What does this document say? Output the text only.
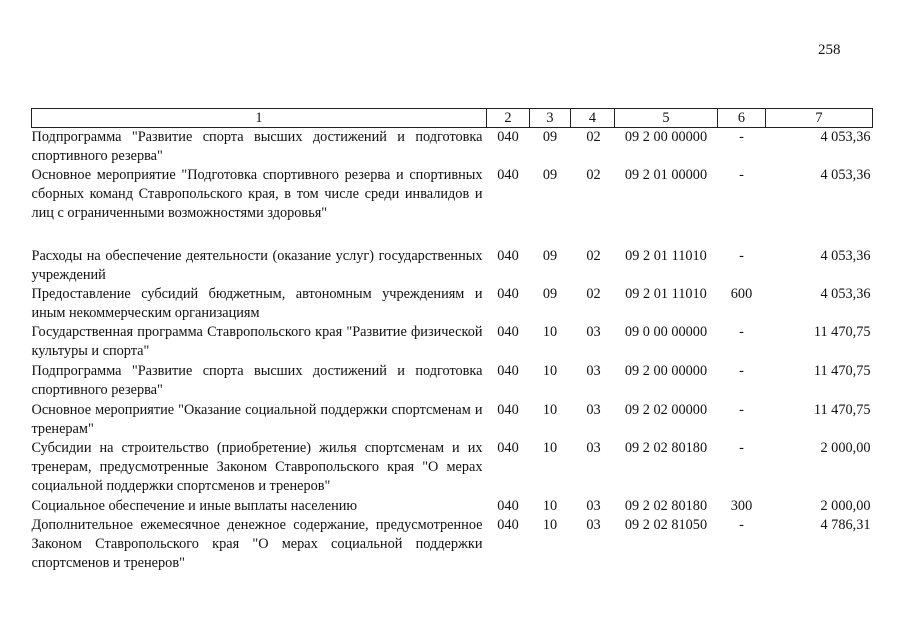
258
1	2	3	4	5	6	7
Подпрограмма "Развитие спорта высших достижений и подготовка спортивного резерва"	040	09	02	09 2 00 00000	-	4 053,36
Основное мероприятие "Подготовка спортивного резерва и спортивных сборных команд Ставропольского края, в том числе среди инвалидов и лиц с ограниченными возможностями здоровья"	040	09	02	09 2 01 00000	-	4 053,36
Расходы на обеспечение деятельности (оказание услуг) государственных учреждений	040	09	02	09 2 01 11010	-	4 053,36
Предоставление субсидий бюджетным, автономным учреждениям и иным некоммерческим организациям	040	09	02	09 2 01 11010	600	4 053,36
Государственная программа Ставропольского края "Развитие физической культуры и спорта"	040	10	03	09 0 00 00000	-	11 470,75
Подпрограмма "Развитие спорта высших достижений и подготовка спортивного резерва"	040	10	03	09 2 00 00000	-	11 470,75
Основное мероприятие "Оказание социальной поддержки спортсменам и тренерам"	040	10	03	09 2 02 00000	-	11 470,75
Субсидии на строительство (приобретение) жилья спортсменам и их тренерам, предусмотренные Законом Ставропольского края "О мерах социальной поддержки спортсменов и тренеров"	040	10	03	09 2 02 80180	-	2 000,00
Социальное обеспечение и иные выплаты населению	040	10	03	09 2 02 80180	300	2 000,00
Дополнительное ежемесячное денежное содержание, предусмотренное Законом Ставропольского края "О мерах социальной поддержки спортсменов и тренеров"	040	10	03	09 2 02 81050	-	4 786,31
